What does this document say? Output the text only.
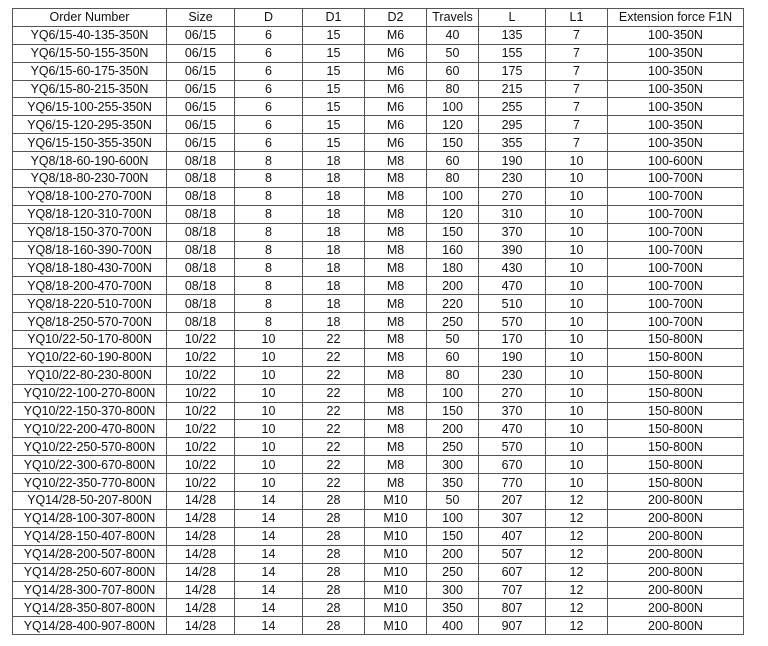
Order Number	Size	D	D1	D2	Travels	L	L1	Extension force F1N
YQ6/15-40-135-350N	06/15	6	15	M6	40	135	7	100-350N
YQ6/15-50-155-350N	06/15	6	15	M6	50	155	7	100-350N
YQ6/15-60-175-350N	06/15	6	15	M6	60	175	7	100-350N
YQ6/15-80-215-350N	06/15	6	15	M6	80	215	7	100-350N
YQ6/15-100-255-350N	06/15	6	15	M6	100	255	7	100-350N
YQ6/15-120-295-350N	06/15	6	15	M6	120	295	7	100-350N
YQ6/15-150-355-350N	06/15	6	15	M6	150	355	7	100-350N
YQ8/18-60-190-600N	08/18	8	18	M8	60	190	10	100-600N
YQ8/18-80-230-700N	08/18	8	18	M8	80	230	10	100-700N
YQ8/18-100-270-700N	08/18	8	18	M8	100	270	10	100-700N
YQ8/18-120-310-700N	08/18	8	18	M8	120	310	10	100-700N
YQ8/18-150-370-700N	08/18	8	18	M8	150	370	10	100-700N
YQ8/18-160-390-700N	08/18	8	18	M8	160	390	10	100-700N
YQ8/18-180-430-700N	08/18	8	18	M8	180	430	10	100-700N
YQ8/18-200-470-700N	08/18	8	18	M8	200	470	10	100-700N
YQ8/18-220-510-700N	08/18	8	18	M8	220	510	10	100-700N
YQ8/18-250-570-700N	08/18	8	18	M8	250	570	10	100-700N
YQ10/22-50-170-800N	10/22	10	22	M8	50	170	10	150-800N
YQ10/22-60-190-800N	10/22	10	22	M8	60	190	10	150-800N
YQ10/22-80-230-800N	10/22	10	22	M8	80	230	10	150-800N
YQ10/22-100-270-800N	10/22	10	22	M8	100	270	10	150-800N
YQ10/22-150-370-800N	10/22	10	22	M8	150	370	10	150-800N
YQ10/22-200-470-800N	10/22	10	22	M8	200	470	10	150-800N
YQ10/22-250-570-800N	10/22	10	22	M8	250	570	10	150-800N
YQ10/22-300-670-800N	10/22	10	22	M8	300	670	10	150-800N
YQ10/22-350-770-800N	10/22	10	22	M8	350	770	10	150-800N
YQ14/28-50-207-800N	14/28	14	28	M10	50	207	12	200-800N
YQ14/28-100-307-800N	14/28	14	28	M10	100	307	12	200-800N
YQ14/28-150-407-800N	14/28	14	28	M10	150	407	12	200-800N
YQ14/28-200-507-800N	14/28	14	28	M10	200	507	12	200-800N
YQ14/28-250-607-800N	14/28	14	28	M10	250	607	12	200-800N
YQ14/28-300-707-800N	14/28	14	28	M10	300	707	12	200-800N
YQ14/28-350-807-800N	14/28	14	28	M10	350	807	12	200-800N
YQ14/28-400-907-800N	14/28	14	28	M10	400	907	12	200-800N
